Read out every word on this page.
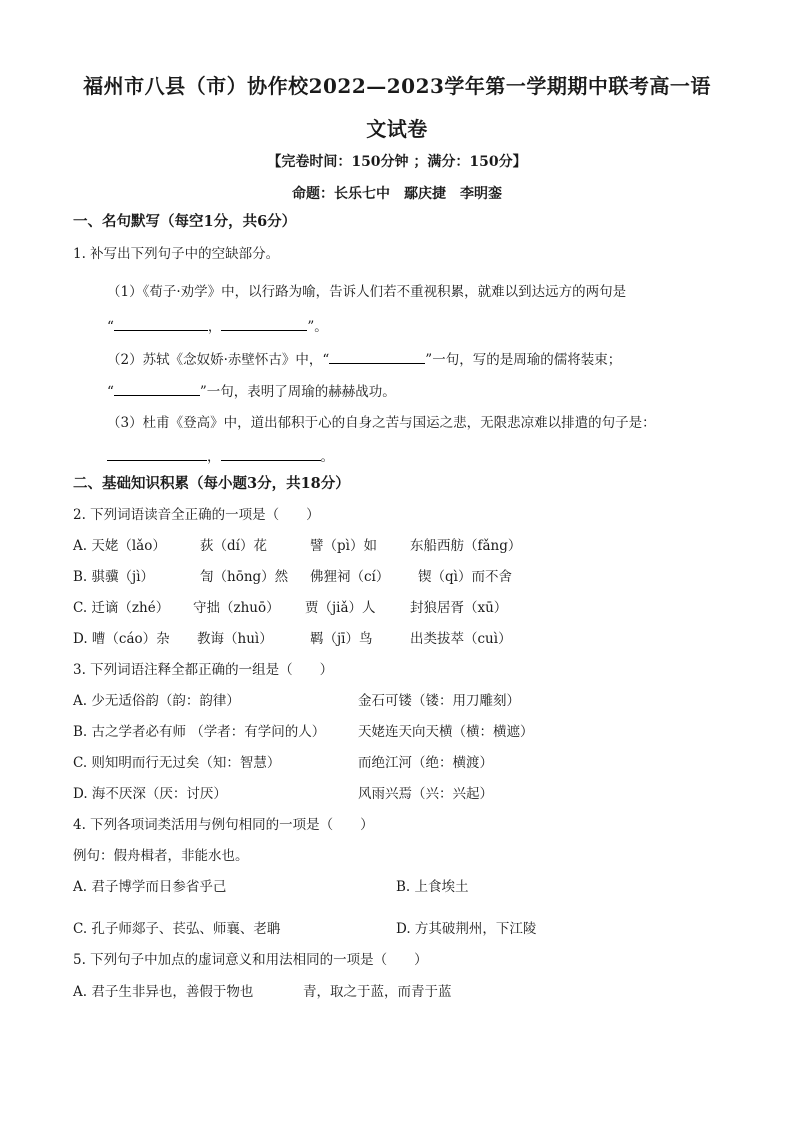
福州市八县（市）协作校2022—2023学年第一学期期中联考高一语
文试卷
【完卷时间：150分钟 ；满分：150分】
命题：长乐七中　鄢庆捷　李明銮
一、名句默写（每空1分，共6分）
1. 补写出下列句子中的空缺部分。
（1）《荀子·劝学》中，以行路为喻，告诉人们若不重视积累，就难以到达远方的两句是
“	，	”。
（2）苏轼《念奴娇·赤壁怀古》中，“	”一句，写的是周瑜的儒将装束；
“	”一句，表明了周瑜的赫赫战功。
（3）杜甫《登高》中，道出郁积于心的自身之苦与国运之悲，无限悲凉难以排遣的句子是：
，	。
二、基础知识积累（每小题3分，共18分）
2. 下列词语读音全正确的一项是（　　）
A. 天姥（lǎo）	荻（dí）花	譬（pì）如 东船西舫（fǎng）
B. 骐骥（jì）	訇（hōng）然 佛狸祠（cí） 锲（qì）而不舍
C. 迁谪（zhé） 守拙（zhuō） 贾（jiǎ）人	封狼居胥（xū）
D. 嘈（cáo）杂 教诲（huì）	羁（jī）鸟	出类拔萃（cuì）
3. 下列词语注释全都正确的一组是（　　）
A. 少无适俗韵（韵：韵律）	金石可镂（镂：用刀雕刻）
B. 古之学者必有师 （学者：有学问的人） 天姥连天向天横（横：横遮）
C. 则知明而行无过矣（知：智慧）	而绝江河（绝：横渡）
D. 海不厌深（厌：讨厌）	风雨兴焉（兴：兴起）
4. 下列各项词类活用与例句相同的一项是（　　）
例句：假舟楫者，非能水也。
A. 君子博学而日参省乎己	B. 上食埃土
C. 孔子师郯子、苌弘、师襄、老聃	D. 方其破荆州，下江陵
5. 下列句子中加点的虚词意义和用法相同的一项是（　　）
A. 君子生非异也，善假于物也	青，取之于蓝，而青于蓝
